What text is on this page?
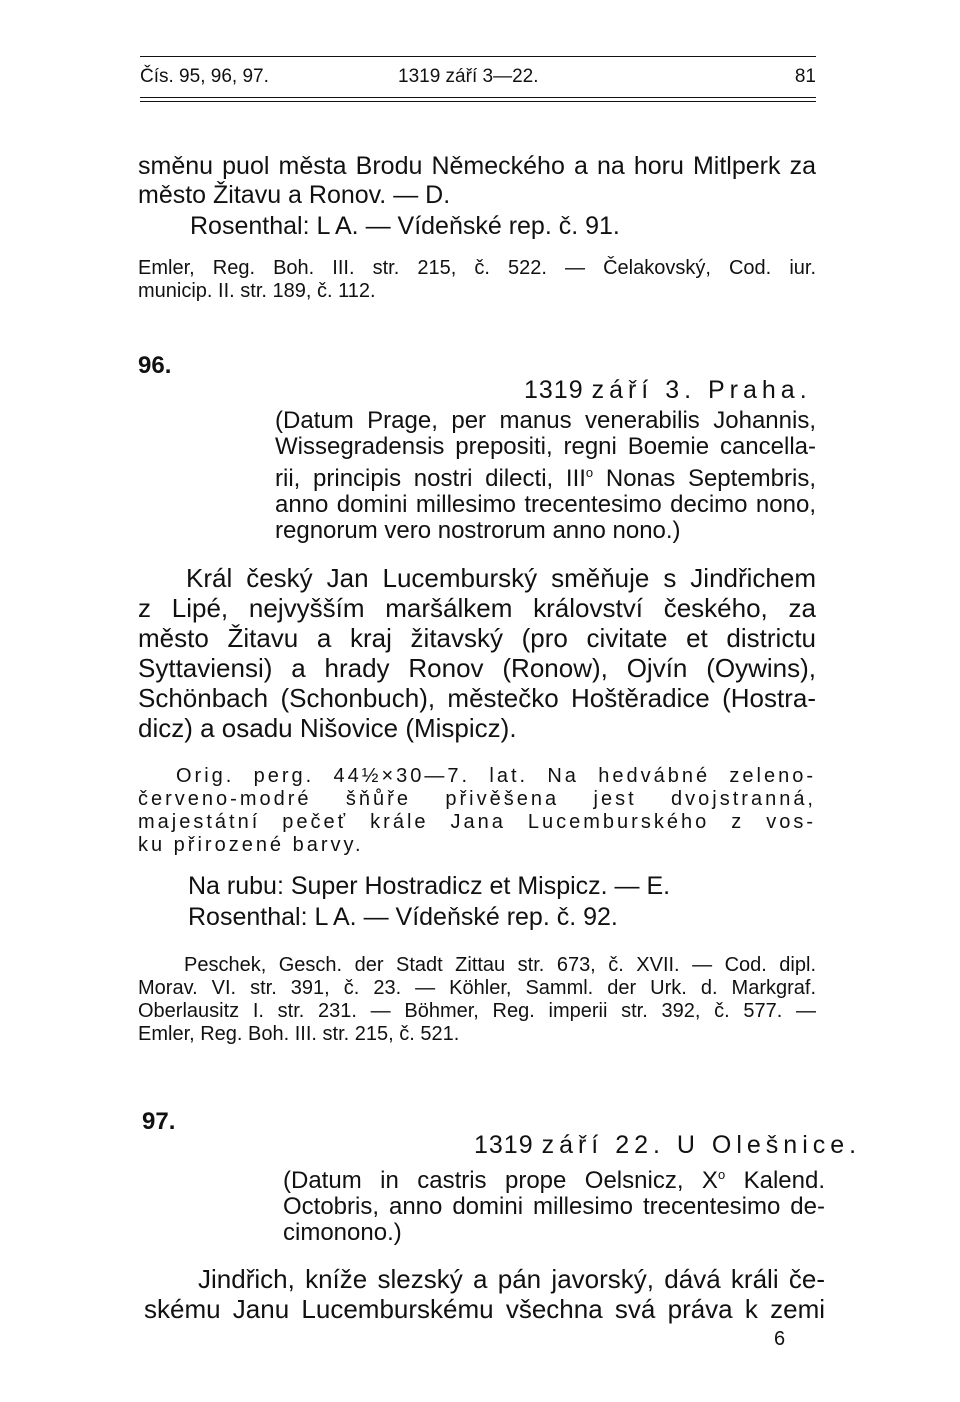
Čís. 95, 96, 97.	1319 září 3—22.	81
směnu puol města Brodu Německého a na horu Mitlperk za
město Žitavu a Ronov. — D.
Rosenthal: L A. — Vídeňské rep. č. 91.
Emler, Reg. Boh. III. str. 215, č. 522. — Čelakovský, Cod. iur.
municip. II. str. 189, č. 112.
96.
1319 září 3. Praha.
(Datum Prage, per manus venerabilis Johannis,
Wissegradensis prepositi, regni Boemie cancella-
rii, principis nostri dilecti, III$^o$ Nonas Septembris,
anno domini millesimo trecentesimo decimo nono,
regnorum vero nostrorum anno nono.)
Král český Jan Lucemburský směňuje s Jindřichem
z Lipé, nejvyšším maršálkem království českého, za
město Žitavu a kraj žitavský (pro civitate et districtu
Syttaviensi) a hrady Ronov (Ronow), Ojvín (Oywins),
Schönbach (Schonbuch), městečko Hoštěradice (Hostra-
dicz) a osadu Nišovice (Mispicz).
Orig. perg. 44½×30—7. lat. Na hedvábné zeleno-
červeno-modré šňůře přivěšena jest dvojstranná,
majestátní pečeť krále Jana Lucemburského z vos-
ku přirozené barvy.
Na rubu: Super Hostradicz et Mispicz. — E.
Rosenthal: L A. — Vídeňské rep. č. 92.
Peschek, Gesch. der Stadt Zittau str. 673, č. XVII. — Cod. dipl.
Morav. VI. str. 391, č. 23. — Köhler, Samml. der Urk. d. Markgraf.
Oberlausitz I. str. 231. — Böhmer, Reg. imperii str. 392, č. 577. —
Emler, Reg. Boh. III. str. 215, č. 521.
97.
1319 září 22. U Olešnice.
(Datum in castris prope Oelsnicz, $X^o$ Kalend.
Octobris, anno domini millesimo trecentesimo de-
cimonono.)
Jindřich, kníže slezský a pán javorský, dává králi če-
skému Janu Lucemburskému všechna svá práva k zemi
6
